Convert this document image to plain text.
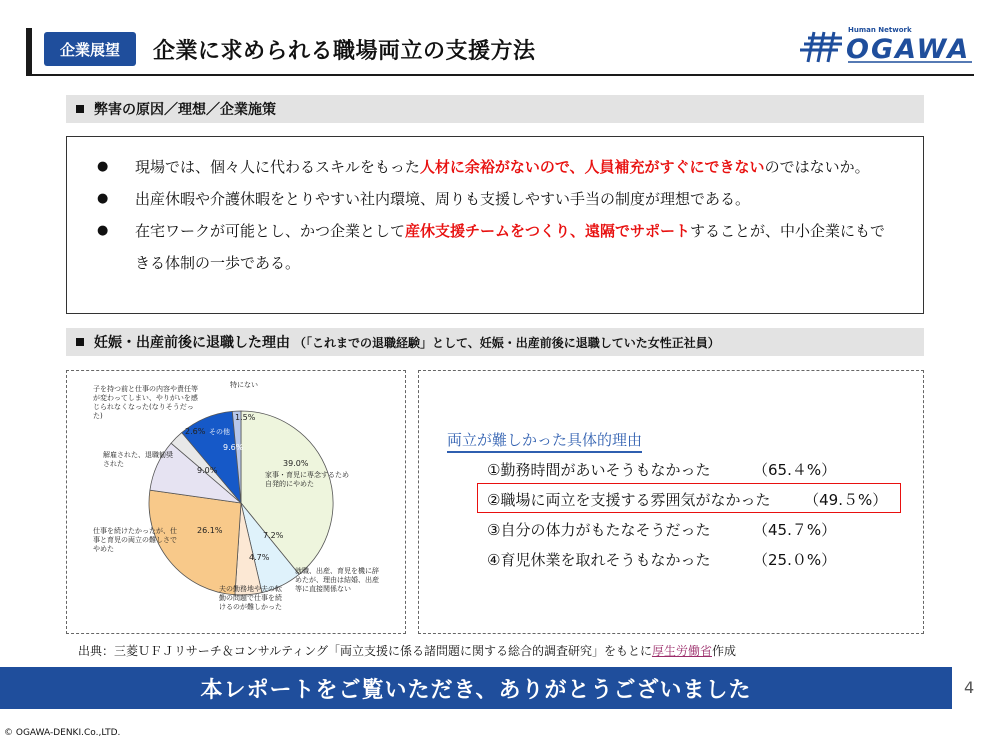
企業展望	企業に求められる職場両立の支援方法
Human Network
OGAWA
弊害の原因／理想／企業施策
●	現場では、個々人に代わるスキルをもった人材に余裕がないので、人員補充がすぐにできないのではないか。
●	出産休暇や介護休暇をとりやすい社内環境、周りも支援しやすい手当の制度が理想である。
●	在宅ワークが可能とし、かつ企業として産休支援チームをつくり、遠隔でサポートすることが、中小企業にもできる体制の一歩である。
妊娠・出産前後に退職した理由 （「これまでの退職経験」として、妊娠・出産前後に退職していた女性正社員）
家事・育児に専念するため自発的にやめた
就職、出産、育児を機に辞めたが、理由は結婚、出産等に直接関係ない
夫の勤務地や夫の転勤の問題で仕事を続けるのが難しかった
仕事を続けたかったが、仕事と育児の両立の難しさでやめた
解雇された、退職勧奨された
子を持つ前と仕事の内容や責任等が変わってしまい、やりがいを感じられなくなった(なりそうだった)
特にない
39.0%
7.2%
4.7%
26.1%
9.0%
2.6%
9.6%
1.5%
その他	両立が難しかった具体的理由
①勤務時間があいそうもなかった	（65.４%）
②職場に両立を支援する雰囲気がなかった	（49.５%）
③自分の体力がもたなそうだった	（45.７%）
④育児休業を取れそうもなかった	（25.０%）
出典：三菱ＵＦＪリサーチ＆コンサルティング「両立支援に係る諸問題に関する総合的調査研究」をもとに厚生労働省作成
本レポートをご覧いただき、ありがとうございました	4
© OGAWA-DENKI.Co.,LTD.
